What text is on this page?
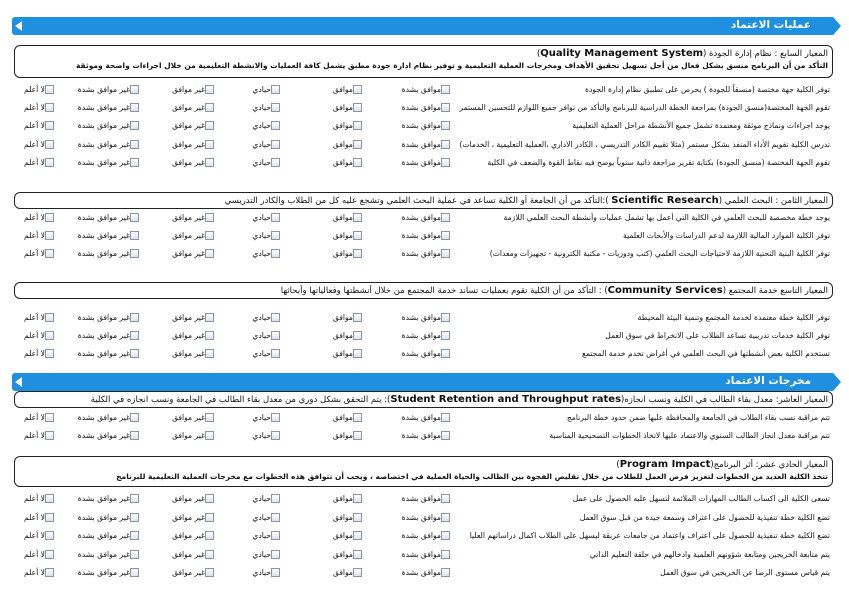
عمليات الاعتماد
المعيار السابع : نظام إدارة الجودة (Quality Management System)
التأكد من أن البرنامج منسق بشكل فعال من أجل تسهيل تحقيق الأهداف ومخرجات العملية التعليمية و توفير نظام ادارة جودة مطبق يشمل كافة العمليات والانشطة التعليمية من خلال اجراءات واضحة وموثقة
توفر الكلية جهة مختصة (منسقاً للجودة ) يحرص على تطبيق نظام إدارة الجودة
موافق بشدة
موافق
حيادي
غير موافق
غير موافق بشدة
لا أعلم
تقوم الجهة المختصة(منسق الجودة) بمراجعة الخطة الدراسية للبرنامج والتأكد من توافر جميع اللوازم للتحسين المستمر
موافق بشدة
موافق
حيادي
غير موافق
غير موافق بشدة
لا أعلم
يوجد اجراءات ونماذج موثقة ومعتمدة تشمل جميع الأنشطة مراحل العملية التعليمية
موافق بشدة
موافق
حيادي
غير موافق
غير موافق بشدة
لا أعلم
تدرس الكلية تقويم الأداء المنفذ بشكل مستمر (مثلا تقييم الكادر التدريسي ، الكادر الاداري ،العملية التعليمية ، الخدمات)
موافق بشدة
موافق
حيادي
غير موافق
غير موافق بشدة
لا أعلم
تقوم الجهة المختصة (منسق الجودة) بكتابة تقرير مراجعة ذاتية سنوياً يوضح فيه نقاط القوة والضعف في الكلية
موافق بشدة
موافق
حيادي
غير موافق
غير موافق بشدة
لا أعلم
المعيار الثامن : البحث العلمي (Scientific Research ):التأكد من أن الجامعة أو الكلية تساعد في عملية البحث العلمي وتشجع عليه كل من الطلاب والكادر التدريسي
يوجد خطة مخصصة للبحث العلمي في الكلية التي أعمل بها تشمل عمليات وأنشطة البحث العلمي اللازمة
موافق بشدة
موافق
حيادي
غير موافق
غير موافق بشدة
لا أعلم
توفر الكلية الموارد المالية اللازمة لدعم الدراسات والأبحاث العلمية
موافق بشدة
موافق
حيادي
غير موافق
غير موافق بشدة
لا أعلم
توفر الكلية البنية التحتية اللازمة لاحتياجات البحث العلمي (كتب ودوريات - مكتبة الكترونية - تجهيزات ومعدات)
موافق بشدة
موافق
حيادي
غير موافق
غير موافق بشدة
لا أعلم
المعيار التاسع خدمة المجتمع (Community Services) : التأكد من أن الكلية تقوم بعمليات تساند خدمة المجتمع من خلال أنشطتها وفعالياتها وأبحاثها
توفر الكلية خطة معتمدة لخدمة المجتمع وتنمية البيئة المحيطة
موافق بشدة
موافق
حيادي
غير موافق
غير موافق بشدة
لا أعلم
توفر الكلية خدمات تدريبية تساعد الطلاب على الانخراط في سوق العمل
موافق بشدة
موافق
حيادي
غير موافق
غير موافق بشدة
لا أعلم
تستخدم الكلية بعض أنشطتها في البحث العلمي في أغراض تخدم خدمة المجتمع
موافق بشدة
موافق
حيادي
غير موافق
غير موافق بشدة
لا أعلم
مخرجات الاعتماد
المعيار العاشر: معدل بقاء الطالب في الكلية ونسب انجازه(Student Retention and Throughput rates): يتم التحقق بشكل دوري من معدل بقاء الطالب في الجامعة ونسب انجازه في الكلية
تتم مراقبة نسب بقاء الطلاب في الجامعة والمحافظة عليها ضمن حدود خطة البرنامج
موافق بشدة
موافق
حيادي
غير موافق
غير موافق بشدة
لا أعلم
تتم مراقبة معدل انجاز الطالب السنوي والاعتماد عليها لاتخاذ الخطوات التصحيحية المناسبة
موافق بشدة
موافق
حيادي
غير موافق
غير موافق بشدة
لا أعلم
المعيار الحادي عشر: أثر البرنامج(Program Impact)
تتخذ الكلية العديد من الخطوات لتعزيز فرص العمل للطلاب من خلال تقليص الفجوة بين الطالب والحياة العملية في اختصاصه ، ويجب أن تتوافق هذه الخطوات مع مخرجات العملية التعليمية للبرنامج
تسعى الكلية الى اكساب الطالب المهارات الملائمة لتسهل عليه الحصول على عمل
موافق بشدة
موافق
حيادي
غير موافق
غير موافق بشدة
لا أعلم
تضع الكلية خطة تنفيذية للحصول على اعتراف وسمعة جيدة من قبل سوق العمل
موافق بشدة
موافق
حيادي
غير موافق
غير موافق بشدة
لا أعلم
تضع الكلية خطة تنفيذية للحصول على اعتراف واعتماد من جامعات عريقة ليسهل على الطلاب اكمال دراساتهم العليا
موافق بشدة
موافق
حيادي
غير موافق
غير موافق بشدة
لا أعلم
يتم متابعة الخريجين ومتابعة شؤونهم العلمية وادخالهم في حلقة التعليم الذاتي
موافق بشدة
موافق
حيادي
غير موافق
غير موافق بشدة
لا أعلم
يتم قياس مستوى الرضا عن الخريجين في سوق العمل
موافق بشدة
موافق
حيادي
غير موافق
غير موافق بشدة
لا أعلم
